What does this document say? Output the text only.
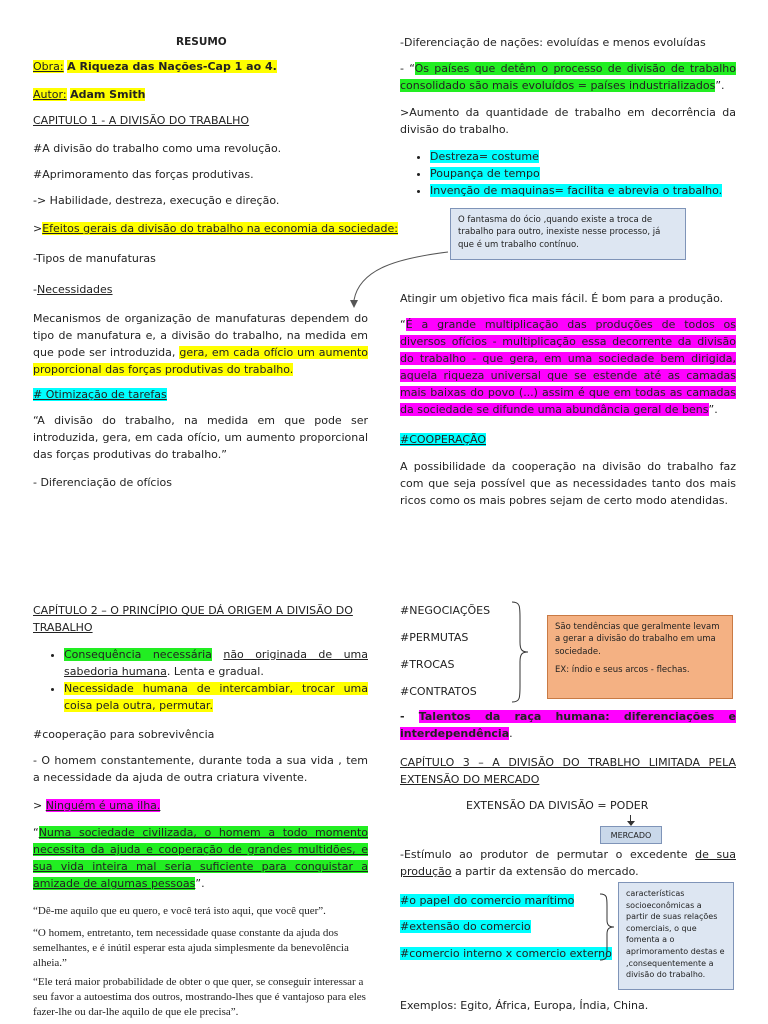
RESUMO
Obra: A Riqueza das Nações-Cap 1 ao 4.
Autor: Adam Smith
CAPITULO 1 - A DIVISÃO DO TRABALHO
#A divisão do trabalho como uma revolução.
#Aprimoramento das forças produtivas.
-> Habilidade, destreza, execução e direção.
>Efeitos gerais da divisão do trabalho na economia da sociedade:
-Tipos de manufaturas
-Necessidades
Mecanismos de organização de manufaturas dependem do tipo de manufatura e, a divisão do trabalho, na medida em que pode ser introduzida, gera, em cada ofício um aumento proporcional das forças produtivas do trabalho.
# Otimização de tarefas
“A divisão do trabalho, na medida em que pode ser introduzida, gera, em cada ofício, um aumento proporcional das forças produtivas do trabalho.”
- Diferenciação de ofícios
-Diferenciação de nações: evoluídas e menos evoluídas
- “Os países que detêm o processo de divisão de trabalho consolidado são mais evoluídos = países industrializados”.
>Aumento da quantidade de trabalho em decorrência da divisão do trabalho.
• Destreza= costume
• Poupança de tempo
• Invenção de maquinas= facilita e abrevia o trabalho.
O fantasma do ócio ,quando existe a troca de trabalho para outro, inexiste nesse processo, já que é um trabalho contínuo.
Atingir um objetivo fica mais fácil. É bom para a produção.
“É a grande multiplicação das produções de todos os diversos ofícios - multiplicação essa decorrente da divisão do trabalho - que gera, em uma sociedade bem dirigida, aquela riqueza universal que se estende até as camadas mais baixas do povo (...) assim é que em todas as camadas da sociedade se difunde uma abundância geral de bens”.
#COOPERAÇÃO
A possibilidade da cooperação na divisão do trabalho faz com que seja possível que as necessidades tanto dos mais ricos como os mais pobres sejam de certo modo atendidas.
CAPÍTULO 2 – O PRINCÍPIO QUE DÁ ORIGEM A DIVISÃO DO TRABALHO
• Consequência necessária não originada de uma sabedoria humana. Lenta e gradual.
• Necessidade humana de intercambiar, trocar uma coisa pela outra, permutar.
#cooperação para sobrevivência
- O homem constantemente, durante toda a sua vida , tem a necessidade da ajuda de outra criatura vivente.
> Ninguém é uma ilha.
“Numa sociedade civilizada, o homem a todo momento necessita da ajuda e cooperação de grandes multidões, e sua vida inteira mal seria suficiente para conquistar a amizade de algumas pessoas”.
“Dê-me aquilo que eu quero, e você terá isto aqui, que você quer”.
“O homem, entretanto, tem necessidade quase constante da ajuda dos semelhantes, e é inútil esperar esta ajuda simplesmente da benevolência alheia.”
“Ele terá maior probabilidade de obter o que quer, se conseguir interessar a seu favor a autoestima dos outros, mostrando-lhes que é vantajoso para eles fazer-lhe ou dar-lhe aquilo de que ele precisa”.
#NEGOCIAÇÕES
#PERMUTAS
#TROCAS
#CONTRATOS
São tendências que geralmente levam a gerar a divisão do trabalho em uma sociedade.
EX: índio e seus arcos - flechas.
- Talentos da raça humana: diferenciações e interdependência.
CAPÍTULO 3 – A DIVISÃO DO TRABLHO LIMITADA PELA EXTENSÃO DO MERCADO
EXTENSÃO DA DIVISÃO = PODER
MERCADO
-Estímulo ao produtor de permutar o excedente de sua produção a partir da extensão do mercado.
#o papel do comercio marítimo
#extensão do comercio
#comercio interno x comercio externo
características socioeconômicas a partir de suas relações comerciais, o que fomenta a o aprimoramento destas e ,consequentemente a divisão do trabalho.
Exemplos: Egito, África, Europa, Índia, China.
